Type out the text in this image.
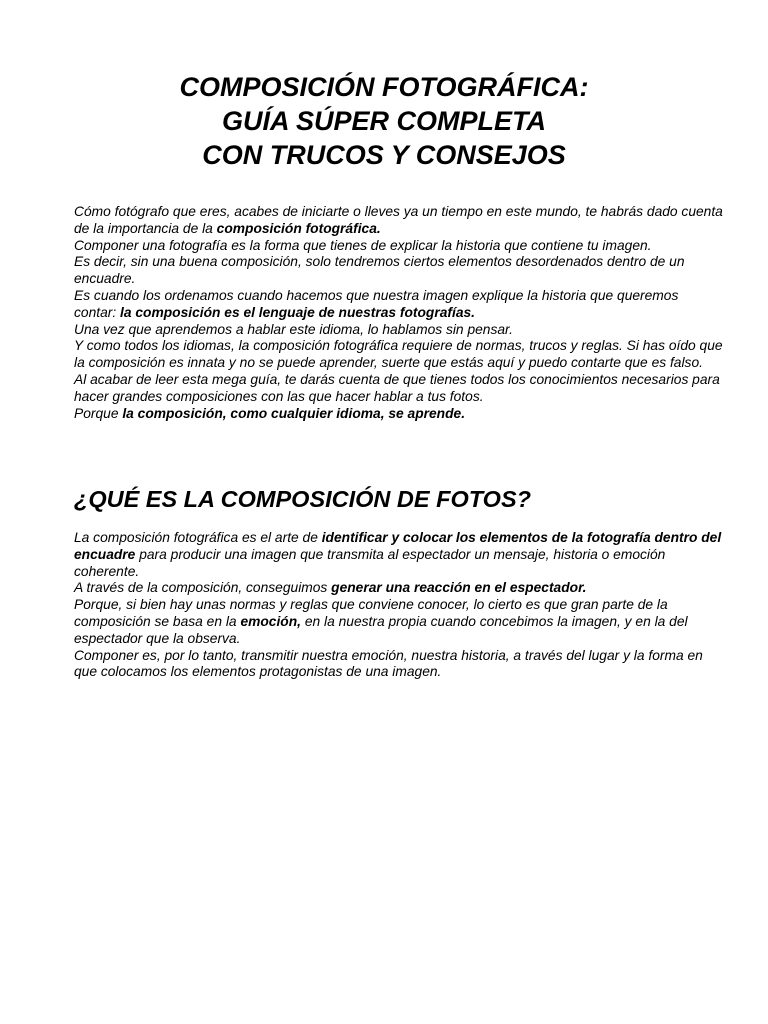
COMPOSICIÓN FOTOGRÁFICA:
GUÍA SÚPER COMPLETA
CON TRUCOS Y CONSEJOS

Cómo fotógrafo que eres, acabes de iniciarte o lleves ya un tiempo en este mundo, te habrás dado cuenta de la importancia de la composición fotográfica.

Componer una fotografía es la forma que tienes de explicar la historia que contiene tu imagen.

Es decir, sin una buena composición, solo tendremos ciertos elementos desordenados dentro de un encuadre.

Es cuando los ordenamos cuando hacemos que nuestra imagen explique la historia que queremos contar: la composición es el lenguaje de nuestras fotografías.

Una vez que aprendemos a hablar este idioma, lo hablamos sin pensar.

Y como todos los idiomas, la composición fotográfica requiere de normas, trucos y reglas. Si has oído que la composición es innata y no se puede aprender, suerte que estás aquí y puedo contarte que es falso.

Al acabar de leer esta mega guía, te darás cuenta de que tienes todos los conocimientos necesarios para hacer grandes composiciones con las que hacer hablar a tus fotos.

Porque la composición, como cualquier idioma, se aprende.

¿QUÉ ES LA COMPOSICIÓN DE FOTOS?

La composición fotográfica es el arte de identificar y colocar los elementos de la fotografía dentro del encuadre para producir una imagen que transmita al espectador un mensaje, historia o emoción coherente.

A través de la composición, conseguimos generar una reacción en el espectador.

Porque, si bien hay unas normas y reglas que conviene conocer, lo cierto es que gran parte de la composición se basa en la emoción, en la nuestra propia cuando concebimos la imagen, y en la del espectador que la observa.

Componer es, por lo tanto, transmitir nuestra emoción, nuestra historia, a través del lugar y la forma en que colocamos los elementos protagonistas de una imagen.
